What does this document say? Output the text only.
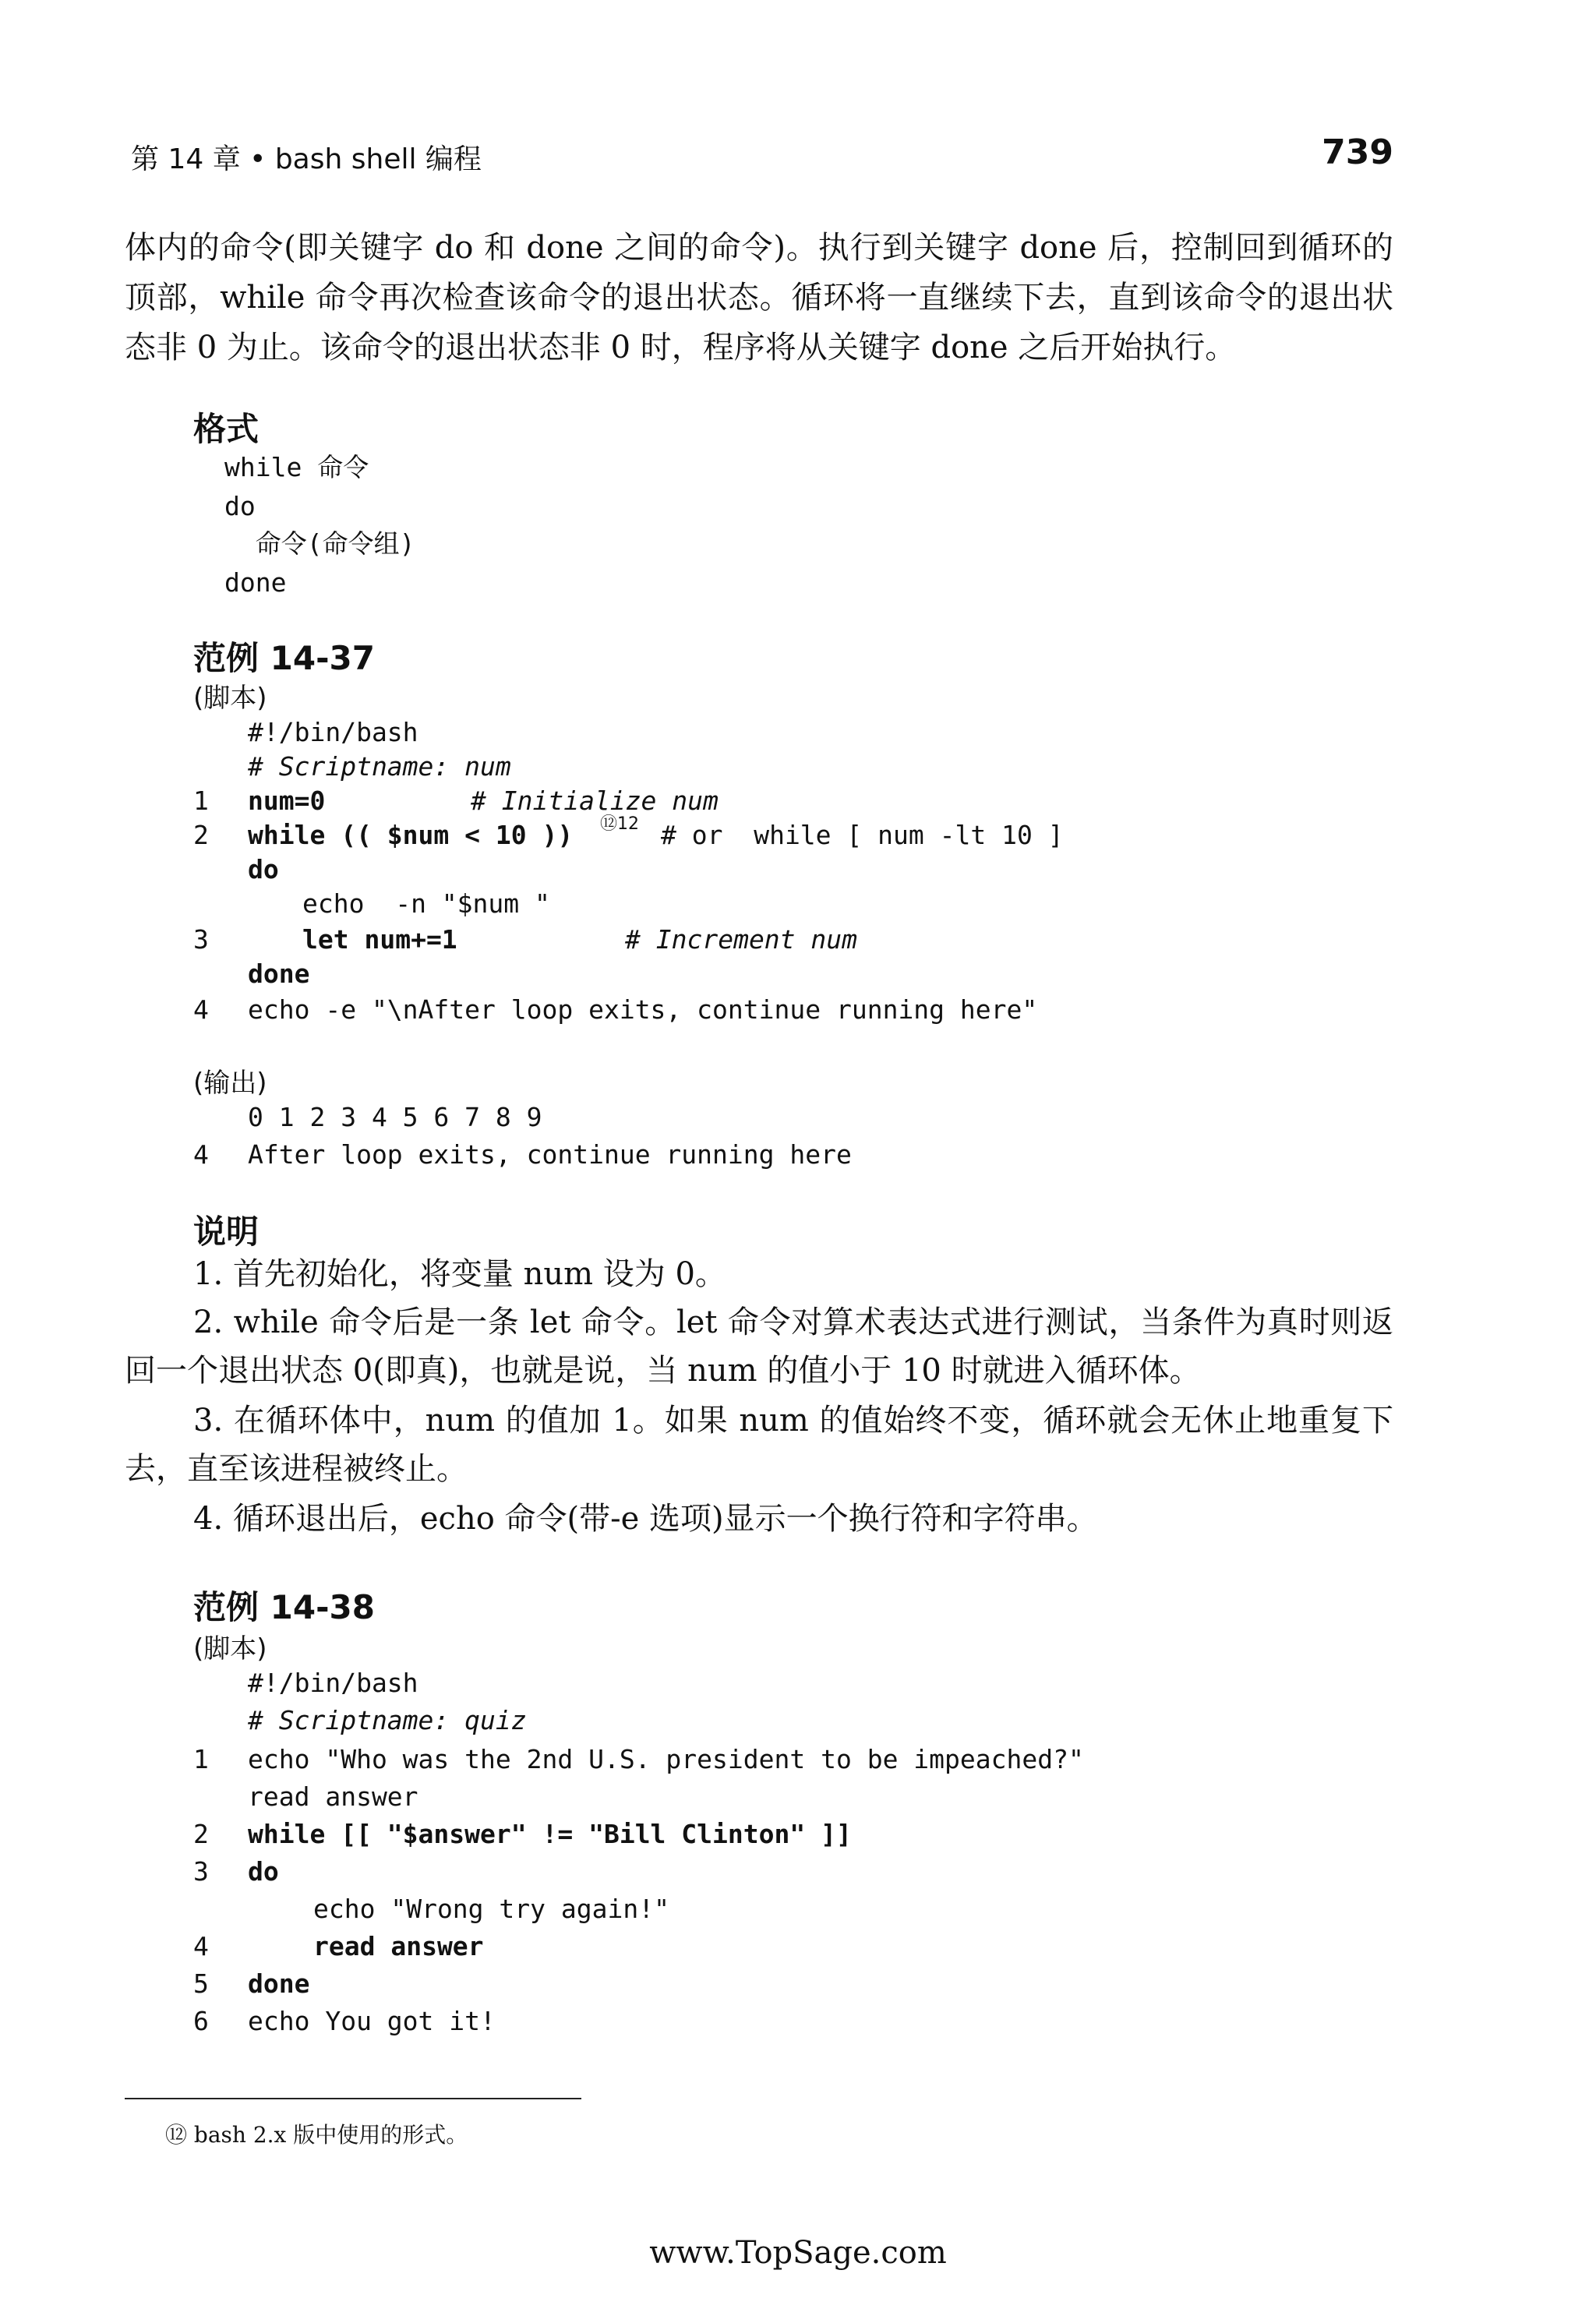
第 14 章 • bash shell 编程	739

体内的命令(即关键字 do 和 done 之间的命令)。执行到关键字 done 后，控制回到循环的顶部，while 命令再次检查该命令的退出状态。循环将一直继续下去，直到该命令的退出状态非 0 为止。该命令的退出状态非 0 时，程序将从关键字 done 之后开始执行。

格式
while 命令
do
命令(命令组)
done
范例 14-37
(脚本)
#!/bin/bash
# Scriptname: num
1 num=0	# Initialize num
2 while (( $num < 10 )) ⑫12 # or  while [ num -lt 10 ]
do
echo  -n "$num "
3	let num+=1	# Increment num
done
4 echo -e "\nAfter loop exits, continue running here"
(输出)
0 1 2 3 4 5 6 7 8 9
4 After loop exits, continue running here
说明

1. 首先初始化，将变量 num 设为 0。

2. while 命令后是一条 let 命令。let 命令对算术表达式进行测试，当条件为真时则返回一个退出状态 0(即真)，也就是说，当 num 的值小于 10 时就进入循环体。

3. 在循环体中，num 的值加 1。如果 num 的值始终不变，循环就会无休止地重复下去，直至该进程被终止。

4. 循环退出后，echo 命令(带-e 选项)显示一个换行符和字符串。

范例 14-38
(脚本)
#!/bin/bash
# Scriptname: quiz
1 echo "Who was the 2nd U.S. president to be impeached?"
read answer
2 while [[ "$answer" != "Bill Clinton" ]]
3 do
echo "Wrong try again!"
4	read answer
5 done
6 echo You got it!
⑫ bash 2.x 版中使用的形式。
www.TopSage.com
